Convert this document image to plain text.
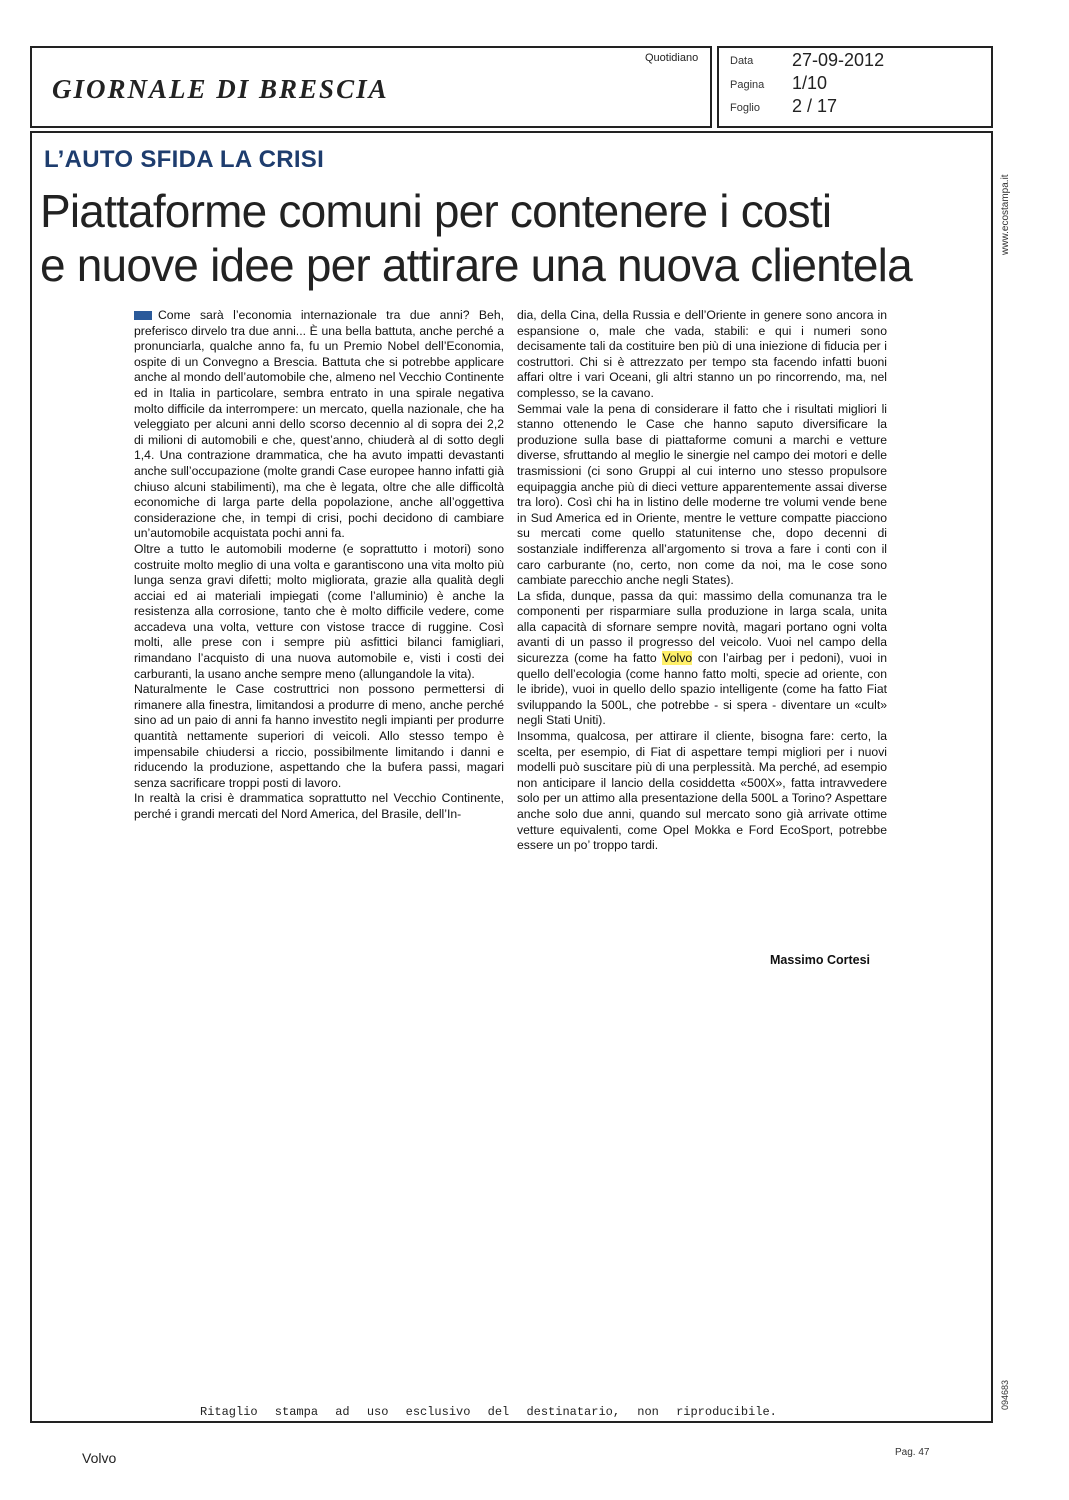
GIORNALE DI BRESCIA
Quotidiano	Data 27-09-2012
Pagina 1/10
Foglio 2 / 17
L’AUTO SFIDA LA CRISI
Piattaforme comuni per contenere i costi
e nuove idee per attirare una nuova clientela

Come sarà l’economia internazionale tra due anni? Beh, preferisco dirvelo tra due anni... È una bella battuta, anche perché a pronunciarla, qualche anno fa, fu un Premio Nobel dell’Economia, ospite di un Convegno a Brescia. Battuta che si potrebbe applicare anche al mondo dell’automobile che, almeno nel Vecchio Continente ed in Italia in particolare, sembra entrato in una spirale negativa molto difficile da interrompere: un mercato, quella nazionale, che ha veleggiato per alcuni anni dello scorso decennio al di sopra dei 2,2 di milioni di automobili e che, quest’anno, chiuderà al di sotto degli 1,4. Una contrazione drammatica, che ha avuto impatti devastanti anche sull’occupazione (molte grandi Case europee hanno infatti già chiuso alcuni stabilimenti), ma che è legata, oltre che alle difficoltà economiche di larga parte della popolazione, anche all’oggettiva considerazione che, in tempi di crisi, pochi decidono di cambiare un’automobile acquistata pochi anni fa.

Oltre a tutto le automobili moderne (e soprattutto i motori) sono costruite molto meglio di una volta e garantiscono una vita molto più lunga senza gravi difetti; molto migliorata, grazie alla qualità degli acciai ed ai materiali impiegati (come l’alluminio) è anche la resistenza alla corrosione, tanto che è molto difficile vedere, come accadeva una volta, vetture con vistose tracce di ruggine. Così molti, alle prese con i sempre più asfittici bilanci famigliari, rimandano l’acquisto di una nuova automobile e, visti i costi dei carburanti, la usano anche sempre meno (allungandole la vita).

Naturalmente le Case costruttrici non possono permettersi di rimanere alla finestra, limitandosi a produrre di meno, anche perché sino ad un paio di anni fa hanno investito negli impianti per produrre quantità nettamente superiori di veicoli. Allo stesso tempo è impensabile chiudersi a riccio, possibilmente limitando i danni e riducendo la produzione, aspettando che la bufera passi, magari senza sacrificare troppi posti di lavoro.

In realtà la crisi è drammatica soprattutto nel Vecchio Continente, perché i grandi mercati del Nord America, del Brasile, dell’In-

dia, della Cina, della Russia e dell’Oriente in genere sono ancora in espansione o, male che vada, stabili: e qui i numeri sono decisamente tali da costituire ben più di una iniezione di fiducia per i costruttori. Chi si è attrezzato per tempo sta facendo infatti buoni affari oltre i vari Oceani, gli altri stanno un po rincorrendo, ma, nel complesso, se la cavano.

Semmai vale la pena di considerare il fatto che i risultati migliori li stanno ottenendo le Case che hanno saputo diversificare la produzione sulla base di piattaforme comuni a marchi e vetture diverse, sfruttando al meglio le sinergie nel campo dei motori e delle trasmissioni (ci sono Gruppi al cui interno uno stesso propulsore equipaggia anche più di dieci vetture apparentemente assai diverse tra loro). Così chi ha in listino delle moderne tre volumi vende bene in Sud America ed in Oriente, mentre le vetture compatte piacciono su mercati come quello statunitense che, dopo decenni di sostanziale indifferenza all’argomento si trova a fare i conti con il caro carburante (no, certo, non come da noi, ma le cose sono cambiate parecchio anche negli States).

La sfida, dunque, passa da qui: massimo della comunanza tra le componenti per risparmiare sulla produzione in larga scala, unita alla capacità di sfornare sempre novità, magari portano ogni volta avanti di un passo il progresso del veicolo. Vuoi nel campo della sicurezza (come ha fatto Volvo con l’airbag per i pedoni), vuoi in quello dell’ecologia (come hanno fatto molti, specie ad oriente, con le ibride), vuoi in quello dello spazio intelligente (come ha fatto Fiat sviluppando la 500L, che potrebbe - si spera - diventare un «cult» negli Stati Uniti).

Insomma, qualcosa, per attirare il cliente, bisogna fare: certo, la scelta, per esempio, di Fiat di aspettare tempi migliori per i nuovi modelli può suscitare più di una perplessità. Ma perché, ad esempio non anticipare il lancio della cosiddetta «500X», fatta intravvedere solo per un attimo alla presentazione della 500L a Torino? Aspettare anche solo due anni, quando sul mercato sono già arrivate ottime vetture equivalenti, come Opel Mokka e Ford EcoSport, potrebbe essere un po’ troppo tardi.

Massimo Cortesi
www.ecostampa.it
094683
Ritaglio stampa ad uso esclusivo del destinatario, non riproducibile.
Volvo	Pag. 47
